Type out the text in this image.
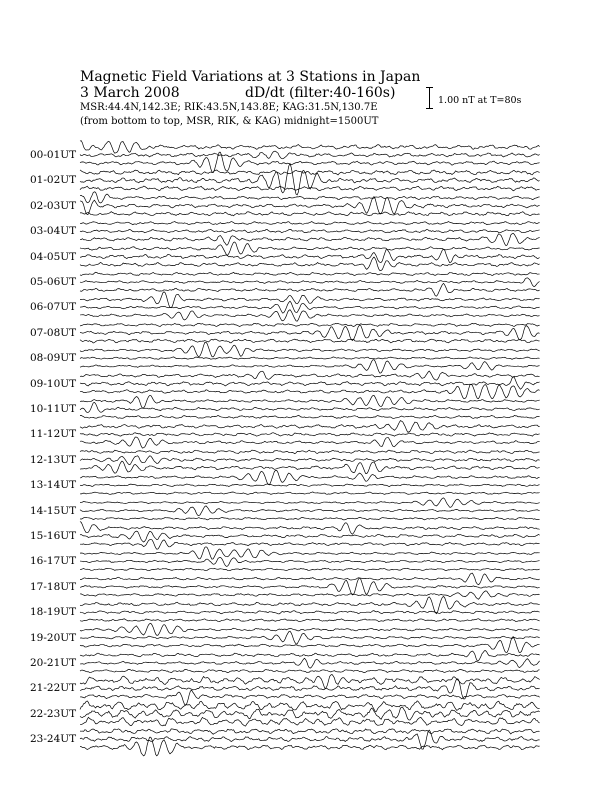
Magnetic Field Variations at 3 Stations in Japan
3 March 2008	dD/dt (filter:40-160s)
MSR:44.4N,142.3E; RIK:43.5N,143.8E; KAG:31.5N,130.7E
(from bottom to top, MSR, RIK, & KAG) midnight=1500UT
1.00 nT at T=80s
00-01UT
01-02UT
02-03UT
03-04UT
04-05UT
05-06UT
06-07UT
07-08UT
08-09UT
09-10UT
10-11UT
11-12UT
12-13UT
13-14UT
14-15UT
15-16UT
16-17UT
17-18UT
18-19UT
19-20UT
20-21UT
21-22UT
22-23UT
23-24UT
